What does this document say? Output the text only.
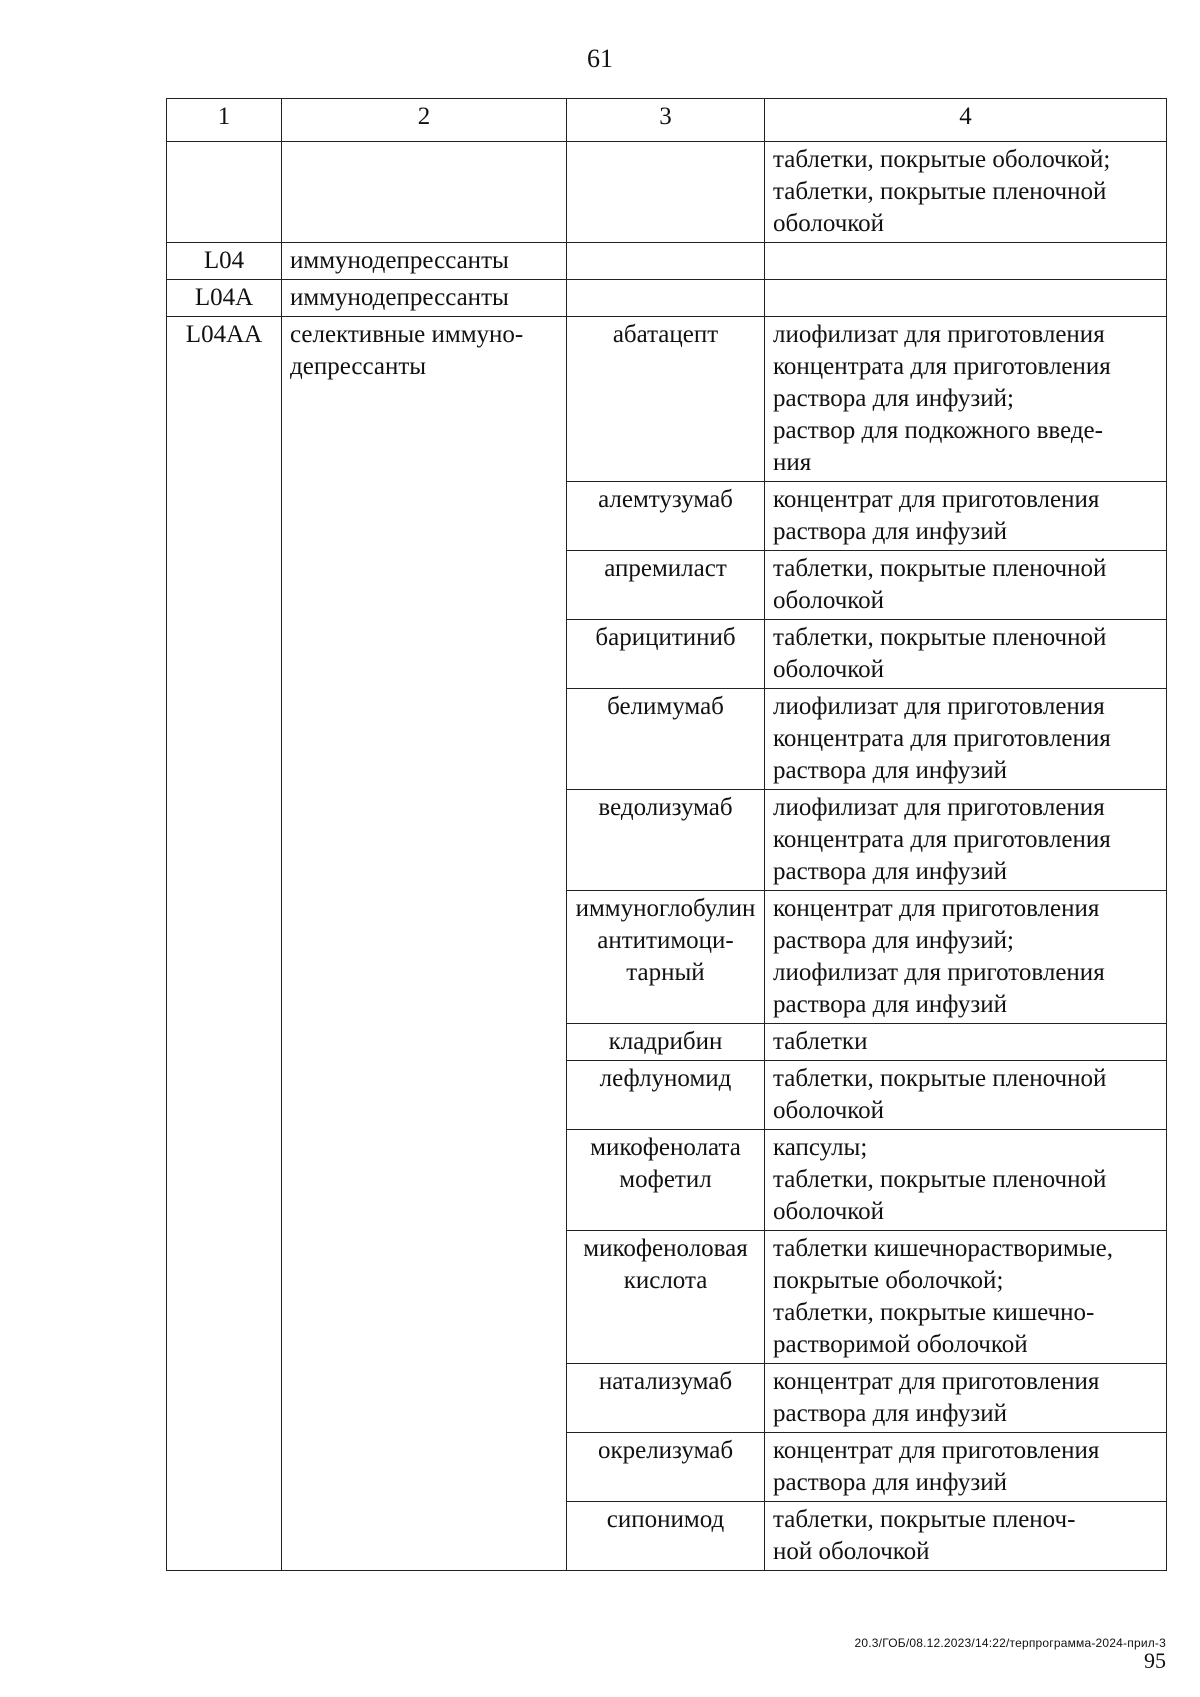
61
1	2	3	4
			таблетки, покрытые оболочкой;
таблетки, покрытые пленочной
оболочкой
L04	иммунодепрессанты		
L04A	иммунодепрессанты		
L04AA	селективные иммуно-
депрессанты	абатацепт	лиофилизат для приготовления
концентрата для приготовления
раствора для инфузий;
раствор для подкожного введе-
ния
		алемтузумаб	концентрат для приготовления
раствора для инфузий
		апремиласт	таблетки, покрытые пленочной
оболочкой
		барицитиниб	таблетки, покрытые пленочной
оболочкой
		белимумаб	лиофилизат для приготовления
концентрата для приготовления
раствора для инфузий
		ведолизумаб	лиофилизат для приготовления
концентрата для приготовления
раствора для инфузий
		иммуноглобулин
антитимоци-
тарный	концентрат для приготовления
раствора для инфузий;
лиофилизат для приготовления
раствора для инфузий
		кладрибин	таблетки
		лефлуномид	таблетки, покрытые пленочной
оболочкой
		микофенолата
мофетил	капсулы;
таблетки, покрытые пленочной
оболочкой
		микофеноловая
кислота	таблетки кишечнорастворимые,
покрытые оболочкой;
таблетки, покрытые кишечно-
растворимой оболочкой
		натализумаб	концентрат для приготовления
раствора для инфузий
		окрелизумаб	концентрат для приготовления
раствора для инфузий
		сипонимод	таблетки, покрытые пленоч-
ной оболочкой
20.3/ГОБ/08.12.2023/14:22/терпрограмма-2024-прил-3
95
